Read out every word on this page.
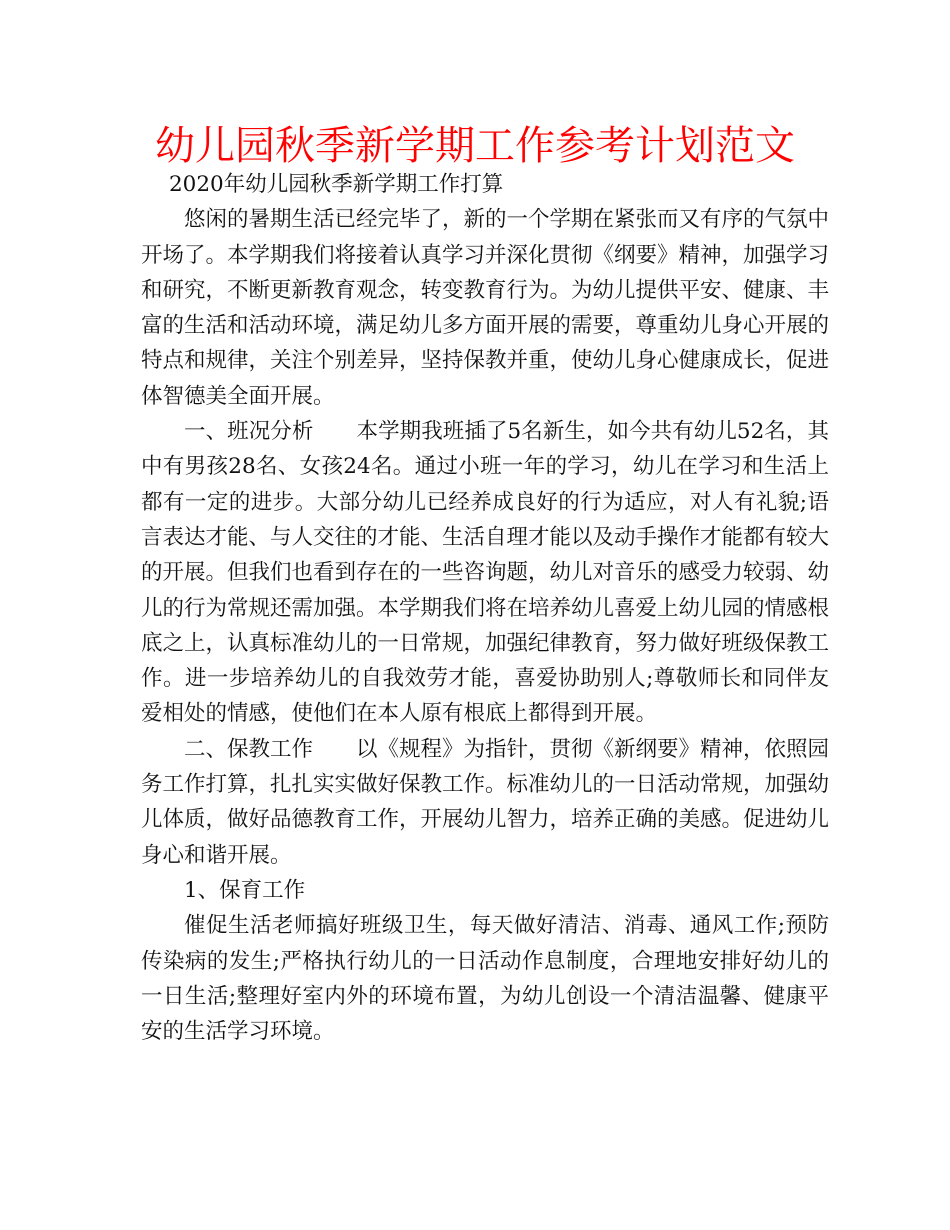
幼儿园秋季新学期工作参考计划范文

2020年幼儿园秋季新学期工作打算

悠闲的暑期生活已经完毕了，新的一个学期在紧张而又有序的气氛中开场了。本学期我们将接着认真学习并深化贯彻《纲要》精神，加强学习和研究，不断更新教育观念，转变教育行为。为幼儿提供平安、健康、丰富的生活和活动环境，满足幼儿多方面开展的需要，尊重幼儿身心开展的特点和规律，关注个别差异，坚持保教并重，使幼儿身心健康成长，促进体智德美全面开展。

一、班况分析　　本学期我班插了5名新生，如今共有幼儿52名，其中有男孩28名、女孩24名。通过小班一年的学习，幼儿在学习和生活上都有一定的进步。大部分幼儿已经养成良好的行为适应，对人有礼貌;语言表达才能、与人交往的才能、生活自理才能以及动手操作才能都有较大的开展。但我们也看到存在的一些咨询题，幼儿对音乐的感受力较弱、幼儿的行为常规还需加强。本学期我们将在培养幼儿喜爱上幼儿园的情感根底之上，认真标准幼儿的一日常规，加强纪律教育，努力做好班级保教工作。进一步培养幼儿的自我效劳才能，喜爱协助别人;尊敬师长和同伴友爱相处的情感，使他们在本人原有根底上都得到开展。

二、保教工作　　以《规程》为指针，贯彻《新纲要》精神，依照园务工作打算，扎扎实实做好保教工作。标准幼儿的一日活动常规，加强幼儿体质，做好品德教育工作，开展幼儿智力，培养正确的美感。促进幼儿身心和谐开展。

1、保育工作

催促生活老师搞好班级卫生，每天做好清洁、消毒、通风工作;预防传染病的发生;严格执行幼儿的一日活动作息制度，合理地安排好幼儿的一日生活;整理好室内外的环境布置，为幼儿创设一个清洁温馨、健康平安的生活学习环境。
